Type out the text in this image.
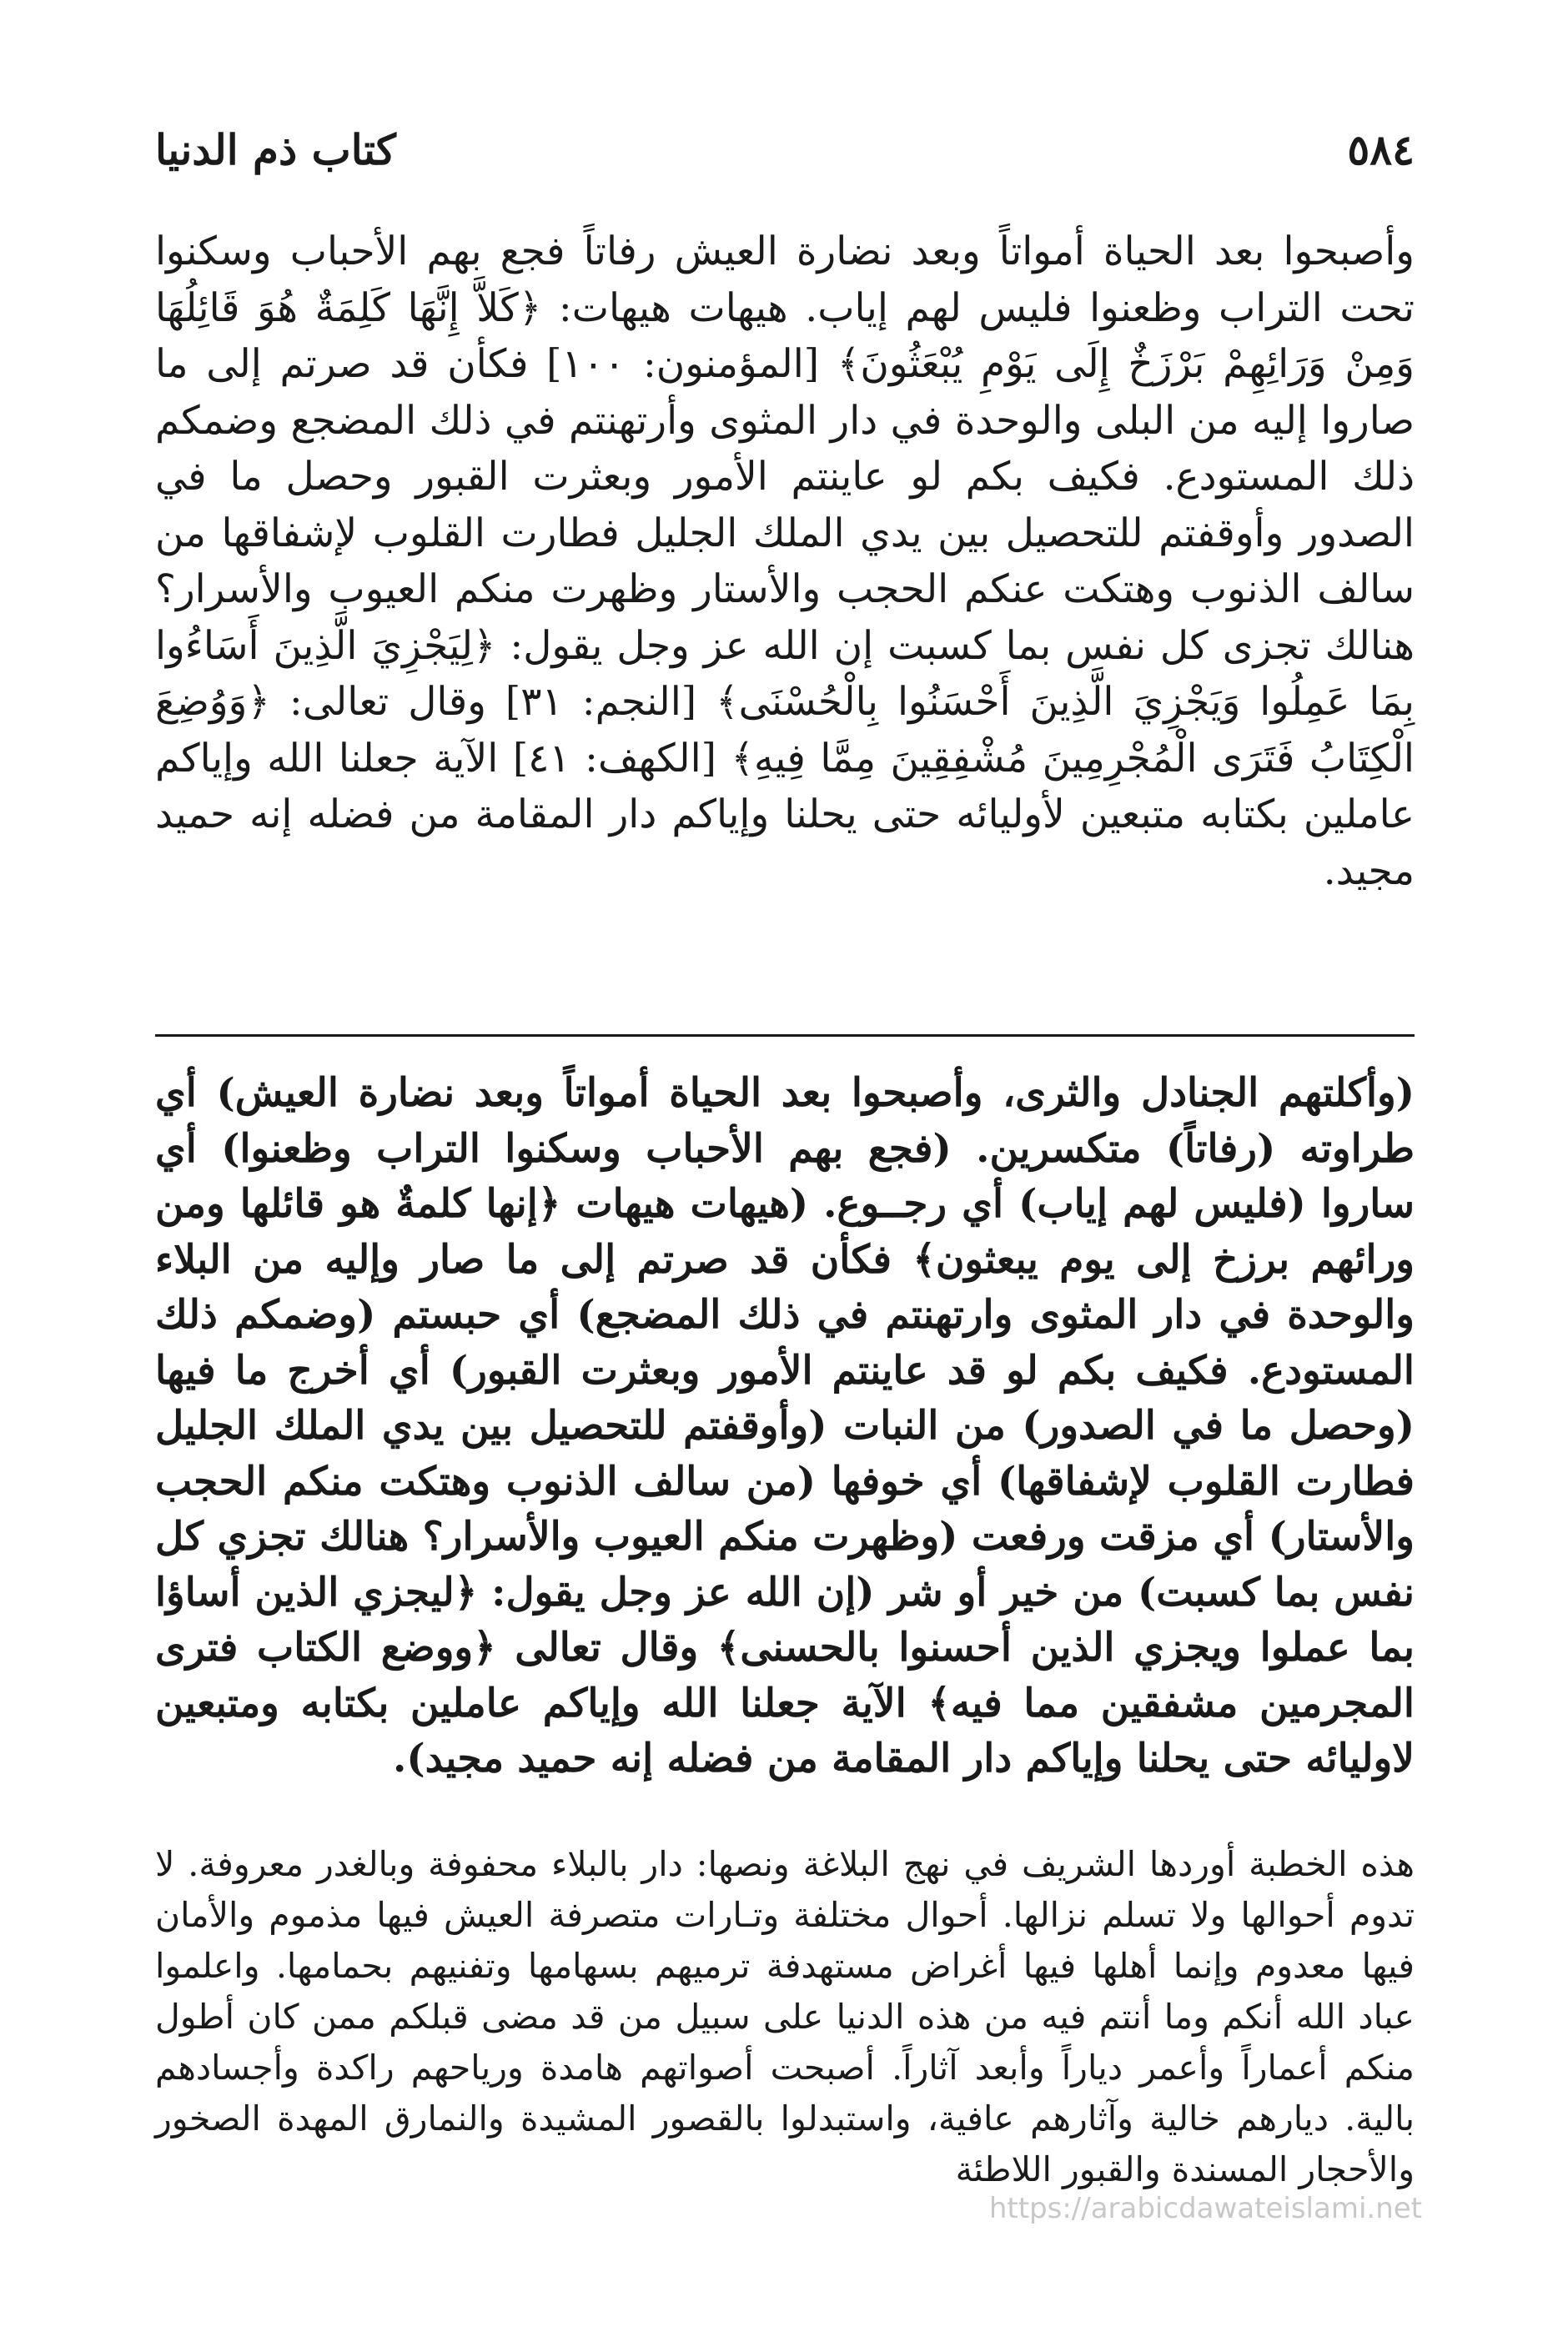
٥٨٤
كتاب ذم الدنيا

وأصبحوا بعد الحياة أمواتاً وبعد نضارة العيش رفاتاً فجع بهم الأحباب وسكنوا تحت التراب وظعنوا فليس لهم إياب. هيهات هيهات: ﴿كَلاَّ إِنَّهَا كَلِمَةٌ هُوَ قَائِلُهَا وَمِنْ وَرَائِهِمْ بَرْزَخٌ إِلَى يَوْمِ يُبْعَثُونَ﴾ [المؤمنون: ١٠٠] فكأن قد صرتم إلى ما صاروا إليه من البلى والوحدة في دار المثوى وأرتهنتم في ذلك المضجع وضمكم ذلك المستودع. فكيف بكم لو عاينتم الأمور وبعثرت القبور وحصل ما في الصدور وأوقفتم للتحصيل بين يدي الملك الجليل فطارت القلوب لإشفاقها من سالف الذنوب وهتكت عنكم الحجب والأستار وظهرت منكم العيوب والأسرار؟ هنالك تجزى كل نفس بما كسبت إن الله عز وجل يقول: ﴿لِيَجْزِيَ الَّذِينَ أَسَاءُوا بِمَا عَمِلُوا وَيَجْزِيَ الَّذِينَ أَحْسَنُوا بِالْحُسْنَى﴾ [النجم: ٣١] وقال تعالى: ﴿وَوُضِعَ الْكِتَابُ فَتَرَى الْمُجْرِمِينَ مُشْفِقِينَ مِمَّا فِيهِ﴾ [الكهف: ٤١] الآية جعلنا الله وإياكم عاملين بكتابه متبعين لأوليائه حتى يحلنا وإياكم دار المقامة من فضله إنه حميد مجيد.

(وأكلتهم الجنادل والثرى، وأصبحوا بعد الحياة أمواتاً وبعد نضارة العيش) أي طراوته (رفاتاً) متكسرين. (فجع بهم الأحباب وسكنوا التراب وظعنوا) أي ساروا (فليس لهم إياب) أي رجــوع. (هيهات هيهات ﴿إنها كلمةٌ هو قائلها ومن ورائهم برزخ إلى يوم يبعثون﴾ فكأن قد صرتم إلى ما صار وإليه من البلاء والوحدة في دار المثوى وارتهنتم في ذلك المضجع) أي حبستم (وضمكم ذلك المستودع. فكيف بكم لو قد عاينتم الأمور وبعثرت القبور) أي أخرج ما فيها (وحصل ما في الصدور) من النبات (وأوقفتم للتحصيل بين يدي الملك الجليل فطارت القلوب لإشفاقها) أي خوفها (من سالف الذنوب وهتكت منكم الحجب والأستار) أي مزقت ورفعت (وظهرت منكم العيوب والأسرار؟ هنالك تجزي كل نفس بما كسبت) من خير أو شر (إن الله عز وجل يقول: ﴿ليجزي الذين أساؤا بما عملوا ويجزي الذين أحسنوا بالحسنى﴾ وقال تعالى ﴿ووضع الكتاب فترى المجرمين مشفقين مما فيه﴾ الآية جعلنا الله وإياكم عاملين بكتابه ومتبعين لاوليائه حتى يحلنا وإياكم دار المقامة من فضله إنه حميد مجيد).

هذه الخطبة أوردها الشريف في نهج البلاغة ونصها: دار بالبلاء محفوفة وبالغدر معروفة. لا تدوم أحوالها ولا تسلم نزالها. أحوال مختلفة وتـارات متصرفة العيش فيها مذموم والأمان فيها معدوم وإنما أهلها فيها أغراض مستهدفة ترميهم بسهامها وتفنيهم بحمامها. واعلموا عباد الله أنكم وما أنتم فيه من هذه الدنيا على سبيل من قد مضى قبلكم ممن كان أطول منكم أعماراً وأعمر دياراً وأبعد آثاراً. أصبحت أصواتهم هامدة ورياحهم راكدة وأجسادهم بالية. ديارهم خالية وآثارهم عافية، واستبدلوا بالقصور المشيدة والنمارق المهدة الصخور والأحجار المسندة والقبور اللاطئة

https://arabicdawateislami.net
